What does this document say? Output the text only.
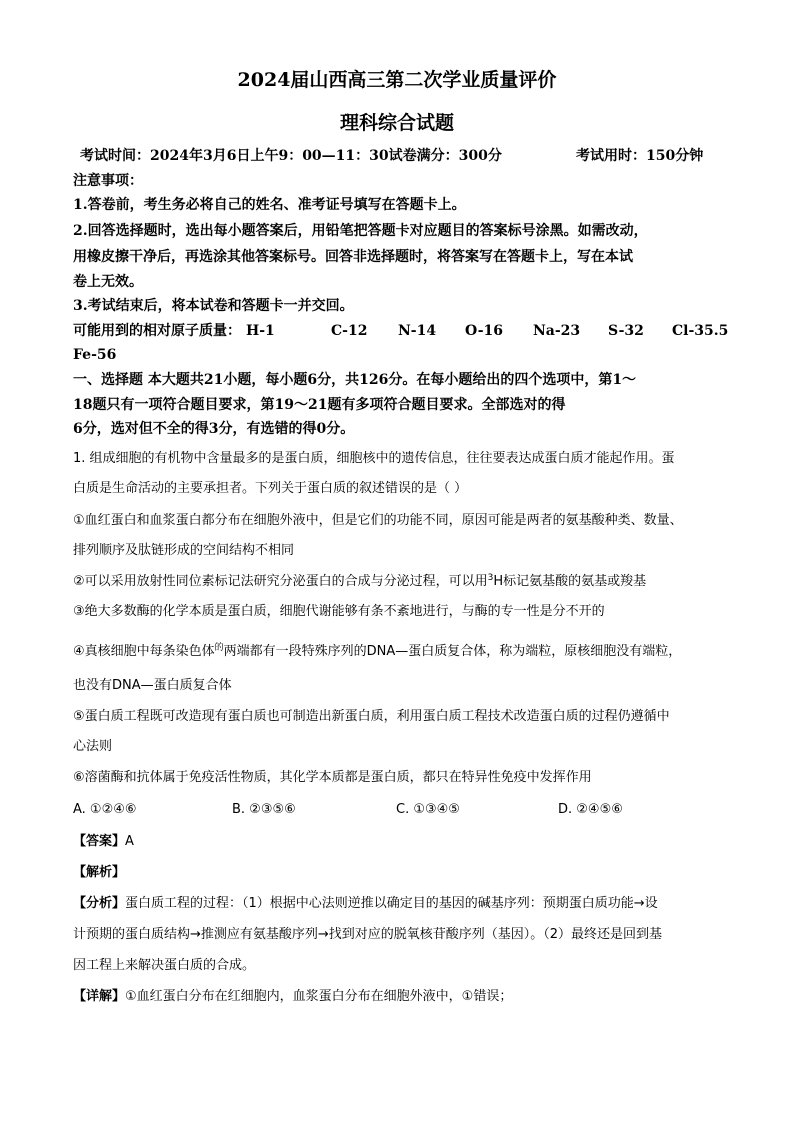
2024届山西高三第二次学业质量评价
理科综合试题
考试时间：2024年3月6日上午9：00—11：30试卷满分：300分	考试用时：150分钟
注意事项：
1.答卷前，考生务必将自己的姓名、准考证号填写在答题卡上。
2.回答选择题时，选出每小题答案后，用铅笔把答题卡对应题目的答案标号涂黑。如需改动，
用橡皮擦干净后，再选涂其他答案标号。回答非选择题时，将答案写在答题卡上，写在本试
卷上无效。
3.考试结束后，将本试卷和答题卡一并交回。
可能用到的相对原子质量： H-1	C-12 N-14 O-16 Na-23 S-32 Cl-35.5
Fe-56
一、选择题 本大题共21小题，每小题6分，共126分。在每小题给出的四个选项中，第1～
18题只有一项符合题目要求，第19～21题有多项符合题目要求。全部选对的得
6分，选对但不全的得3分，有选错的得0分。
1. 组成细胞的有机物中含量最多的是蛋白质，细胞核中的遗传信息，往往要表达成蛋白质才能起作用。蛋
白质是生命活动的主要承担者。下列关于蛋白质的叙述错误的是（ ）
①血红蛋白和血浆蛋白都分布在细胞外液中，但是它们的功能不同，原因可能是两者的氨基酸种类、数量、
排列顺序及肽链形成的空间结构不相同
②可以采用放射性同位素标记法研究分泌蛋白的合成与分泌过程，可以用$^3$H标记氨基酸的氨基或羧基
③绝大多数酶的化学本质是蛋白质，细胞代谢能够有条不紊地进行，与酶的专一性是分不开的
④真核细胞中每条染色体$^的$两端都有一段特殊序列的DNA—蛋白质复合体，称为端粒，原核细胞没有端粒，
也没有DNA—蛋白质复合体
⑤蛋白质工程既可改造现有蛋白质也可制造出新蛋白质，利用蛋白质工程技术改造蛋白质的过程仍遵循中
心法则
⑥溶菌酶和抗体属于免疫活性物质，其化学本质都是蛋白质，都只在特异性免疫中发挥作用
A. ①②④⑥	B. ②③⑤⑥	C. ①③④⑤	D. ②④⑤⑥
【答案】A
【解析】
【分析】蛋白质工程的过程：（1）根据中心法则逆推以确定目的基因的碱基序列：预期蛋白质功能→设
计预期的蛋白质结构→推测应有氨基酸序列→找到对应的脱氧核苷酸序列（基因）。（2）最终还是回到基
因工程上来解决蛋白质的合成。
【详解】①血红蛋白分布在红细胞内，血浆蛋白分布在细胞外液中，①错误；
